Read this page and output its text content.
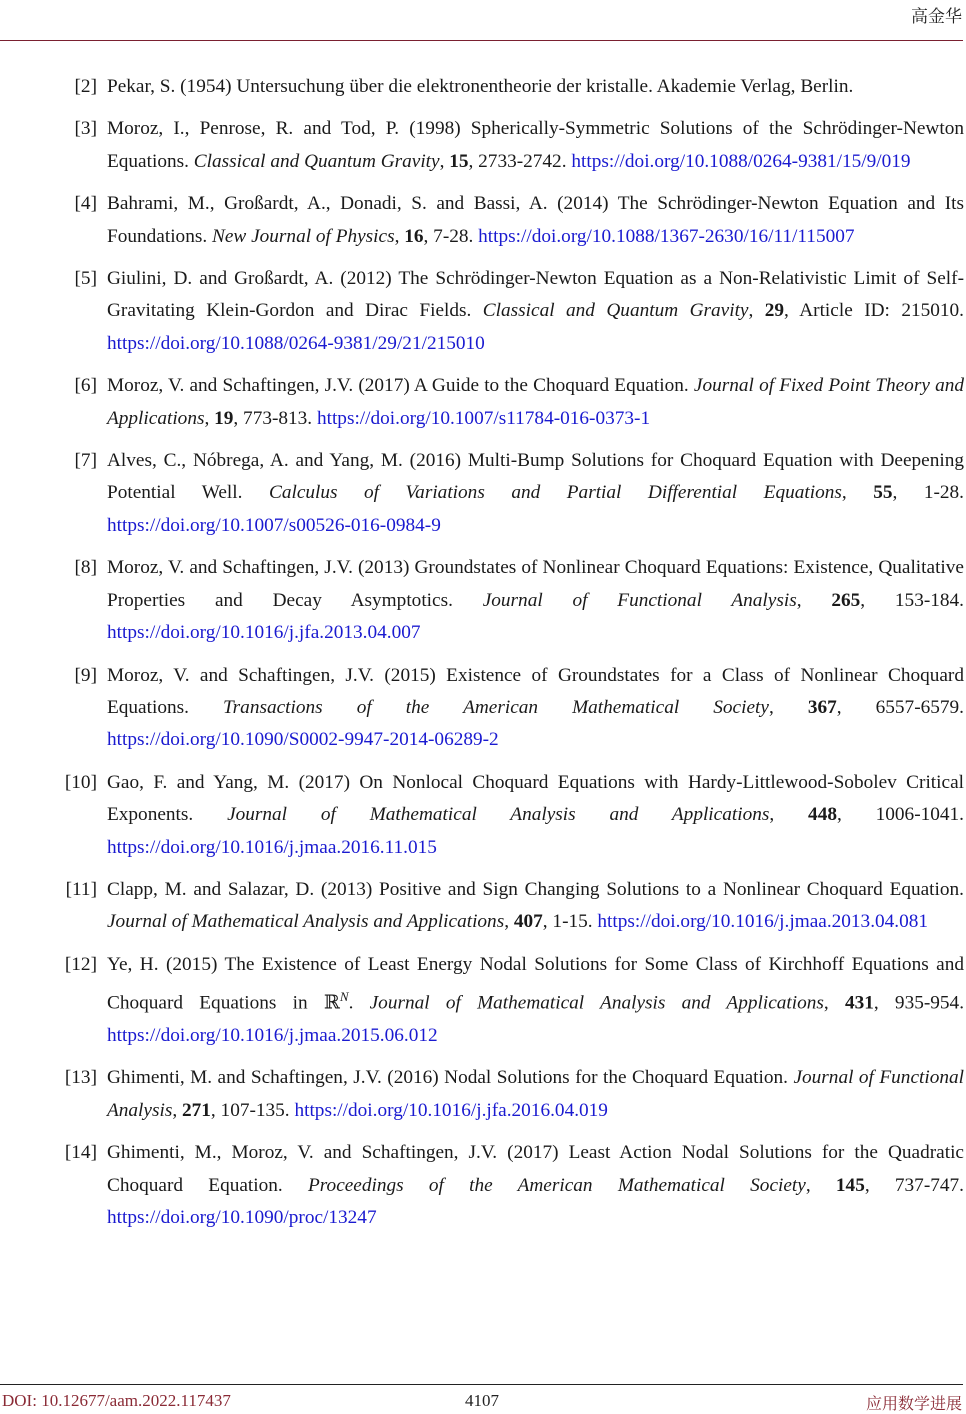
高金华
[2] Pekar, S. (1954) Untersuchung über die elektronentheorie der kristalle. Akademie Verlag, Berlin.
[3] Moroz, I., Penrose, R. and Tod, P. (1998) Spherically-Symmetric Solutions of the Schrödinger-Newton Equations. Classical and Quantum Gravity, 15, 2733-2742. https://doi.org/10.1088/0264-9381/15/9/019
[4] Bahrami, M., Großardt, A., Donadi, S. and Bassi, A. (2014) The Schrödinger-Newton Equation and Its Foundations. New Journal of Physics, 16, 7-28. https://doi.org/10.1088/1367-2630/16/11/115007
[5] Giulini, D. and Großardt, A. (2012) The Schrödinger-Newton Equation as a Non-Relativistic Limit of Self-Gravitating Klein-Gordon and Dirac Fields. Classical and Quantum Gravity, 29, Article ID: 215010. https://doi.org/10.1088/0264-9381/29/21/215010
[6] Moroz, V. and Schaftingen, J.V. (2017) A Guide to the Choquard Equation. Journal of Fixed Point Theory and Applications, 19, 773-813. https://doi.org/10.1007/s11784-016-0373-1
[7] Alves, C., Nóbrega, A. and Yang, M. (2016) Multi-Bump Solutions for Choquard Equation with Deepening Potential Well. Calculus of Variations and Partial Differential Equations, 55, 1-28. https://doi.org/10.1007/s00526-016-0984-9
[8] Moroz, V. and Schaftingen, J.V. (2013) Groundstates of Nonlinear Choquard Equations: Existence, Qualitative Properties and Decay Asymptotics. Journal of Functional Analysis, 265, 153-184. https://doi.org/10.1016/j.jfa.2013.04.007
[9] Moroz, V. and Schaftingen, J.V. (2015) Existence of Groundstates for a Class of Nonlinear Choquard Equations. Transactions of the American Mathematical Society, 367, 6557-6579. https://doi.org/10.1090/S0002-9947-2014-06289-2
[10] Gao, F. and Yang, M. (2017) On Nonlocal Choquard Equations with Hardy-Littlewood-Sobolev Critical Exponents. Journal of Mathematical Analysis and Applications, 448, 1006-1041. https://doi.org/10.1016/j.jmaa.2016.11.015
[11] Clapp, M. and Salazar, D. (2013) Positive and Sign Changing Solutions to a Nonlinear Choquard Equation. Journal of Mathematical Analysis and Applications, 407, 1-15. https://doi.org/10.1016/j.jmaa.2013.04.081
[12] Ye, H. (2015) The Existence of Least Energy Nodal Solutions for Some Class of Kirchhoff Equations and Choquard Equations in ℝ$^N$. Journal of Mathematical Analysis and Applications, 431, 935-954. https://doi.org/10.1016/j.jmaa.2015.06.012
[13] Ghimenti, M. and Schaftingen, J.V. (2016) Nodal Solutions for the Choquard Equation. Journal of Functional Analysis, 271, 107-135. https://doi.org/10.1016/j.jfa.2016.04.019
[14] Ghimenti, M., Moroz, V. and Schaftingen, J.V. (2017) Least Action Nodal Solutions for the Quadratic Choquard Equation. Proceedings of the American Mathematical Society, 145, 737-747. https://doi.org/10.1090/proc/13247
DOI: 10.12677/aam.2022.117437	4107	应用数学进展
